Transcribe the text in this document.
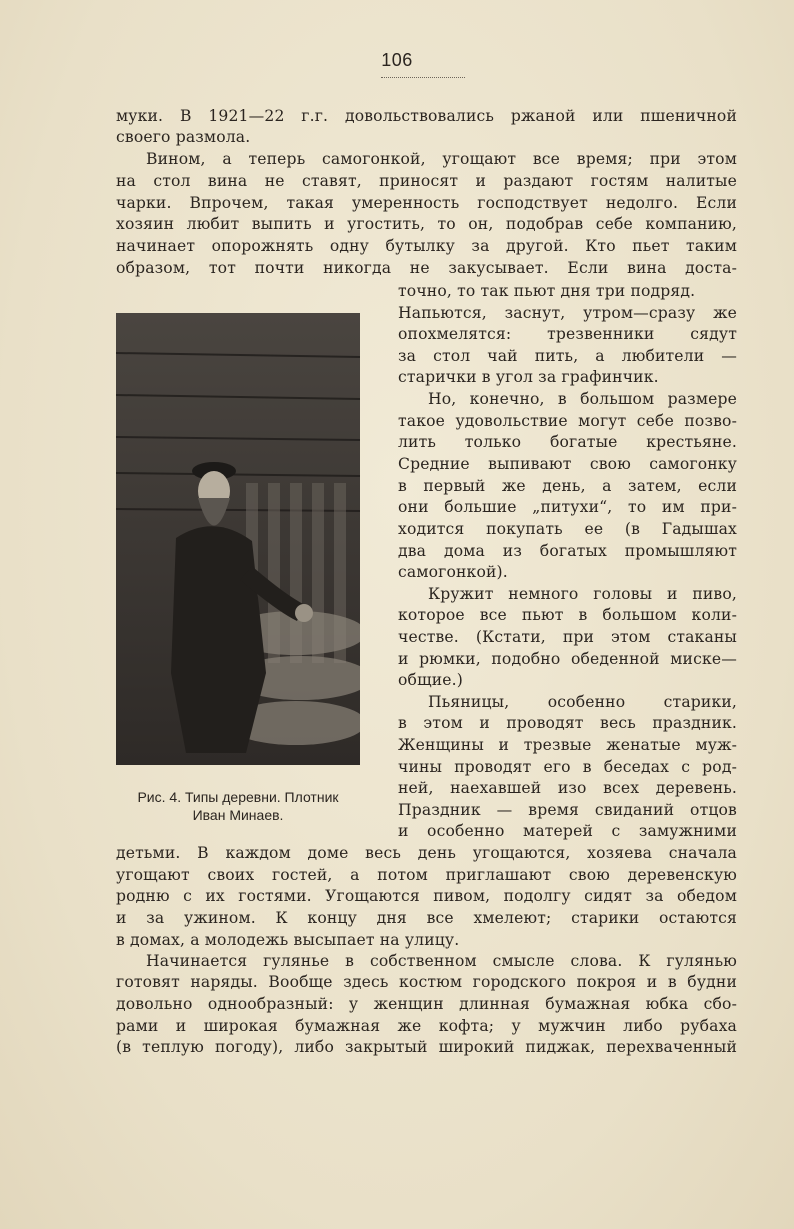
106
муки. В 1921—22 г.г. довольствовались ржаной или пшеничной
своего размола.
Вином, а теперь самогонкой, угощают все время; при этом
на стол вина не ставят, приносят и раздают гостям налитые
чарки. Впрочем, такая умеренность господствует недолго. Если
хозяин любит выпить и угостить, то он, подобрав себе компанию,
начинает опорожнять одну бутылку за другой. Кто пьет таким
образом, тот почти никогда не закусывает. Если вина доста-
точно, то так пьют дня три подряд.
Напьются, заснут, утром—сразу же
опохмелятся: трезвенники сядут
за стол чай пить, а любители —
старички в угол за графинчик.
Но, конечно, в большом размере
такое удовольствие могут себе позво-
лить только богатые крестьяне.
Средние выпивают свою самогонку
в первый же день, а затем, если
они большие „питухи“, то им при-
ходится покупать ее (в Гадышах
два дома из богатых промышляют
самогонкой).
Кружит немного головы и пиво,
которое все пьют в большом коли-
честве. (Кстати, при этом стаканы
и рюмки, подобно обеденной миске—
общие.)
Пьяницы, особенно старики,
в этом и проводят весь праздник.
Женщины и трезвые женатые муж-
чины проводят его в беседах с род-
ней, наехавшей изо всех деревень.
Праздник — время свиданий отцов
и особенно матерей с замужними
детьми. В каждом доме весь день угощаются, хозяева сначала
угощают своих гостей, а потом приглашают свою деревенскую
родню с их гостями. Угощаются пивом, подолгу сидят за обедом
и за ужином. К концу дня все хмелеют; старики остаются
в домах, а молодежь высыпает на улицу.
Начинается гулянье в собственном смысле слова. К гулянью
готовят наряды. Вообще здесь костюм городского покроя и в будни
довольно однообразный: у женщин длинная бумажная юбка сбо-
рами и широкая бумажная же кофта; у мужчин либо рубаха
(в теплую погоду), либо закрытый широкий пиджак, перехваченный
Рис. 4. Типы деревни. Плотник
Иван Минаев.
